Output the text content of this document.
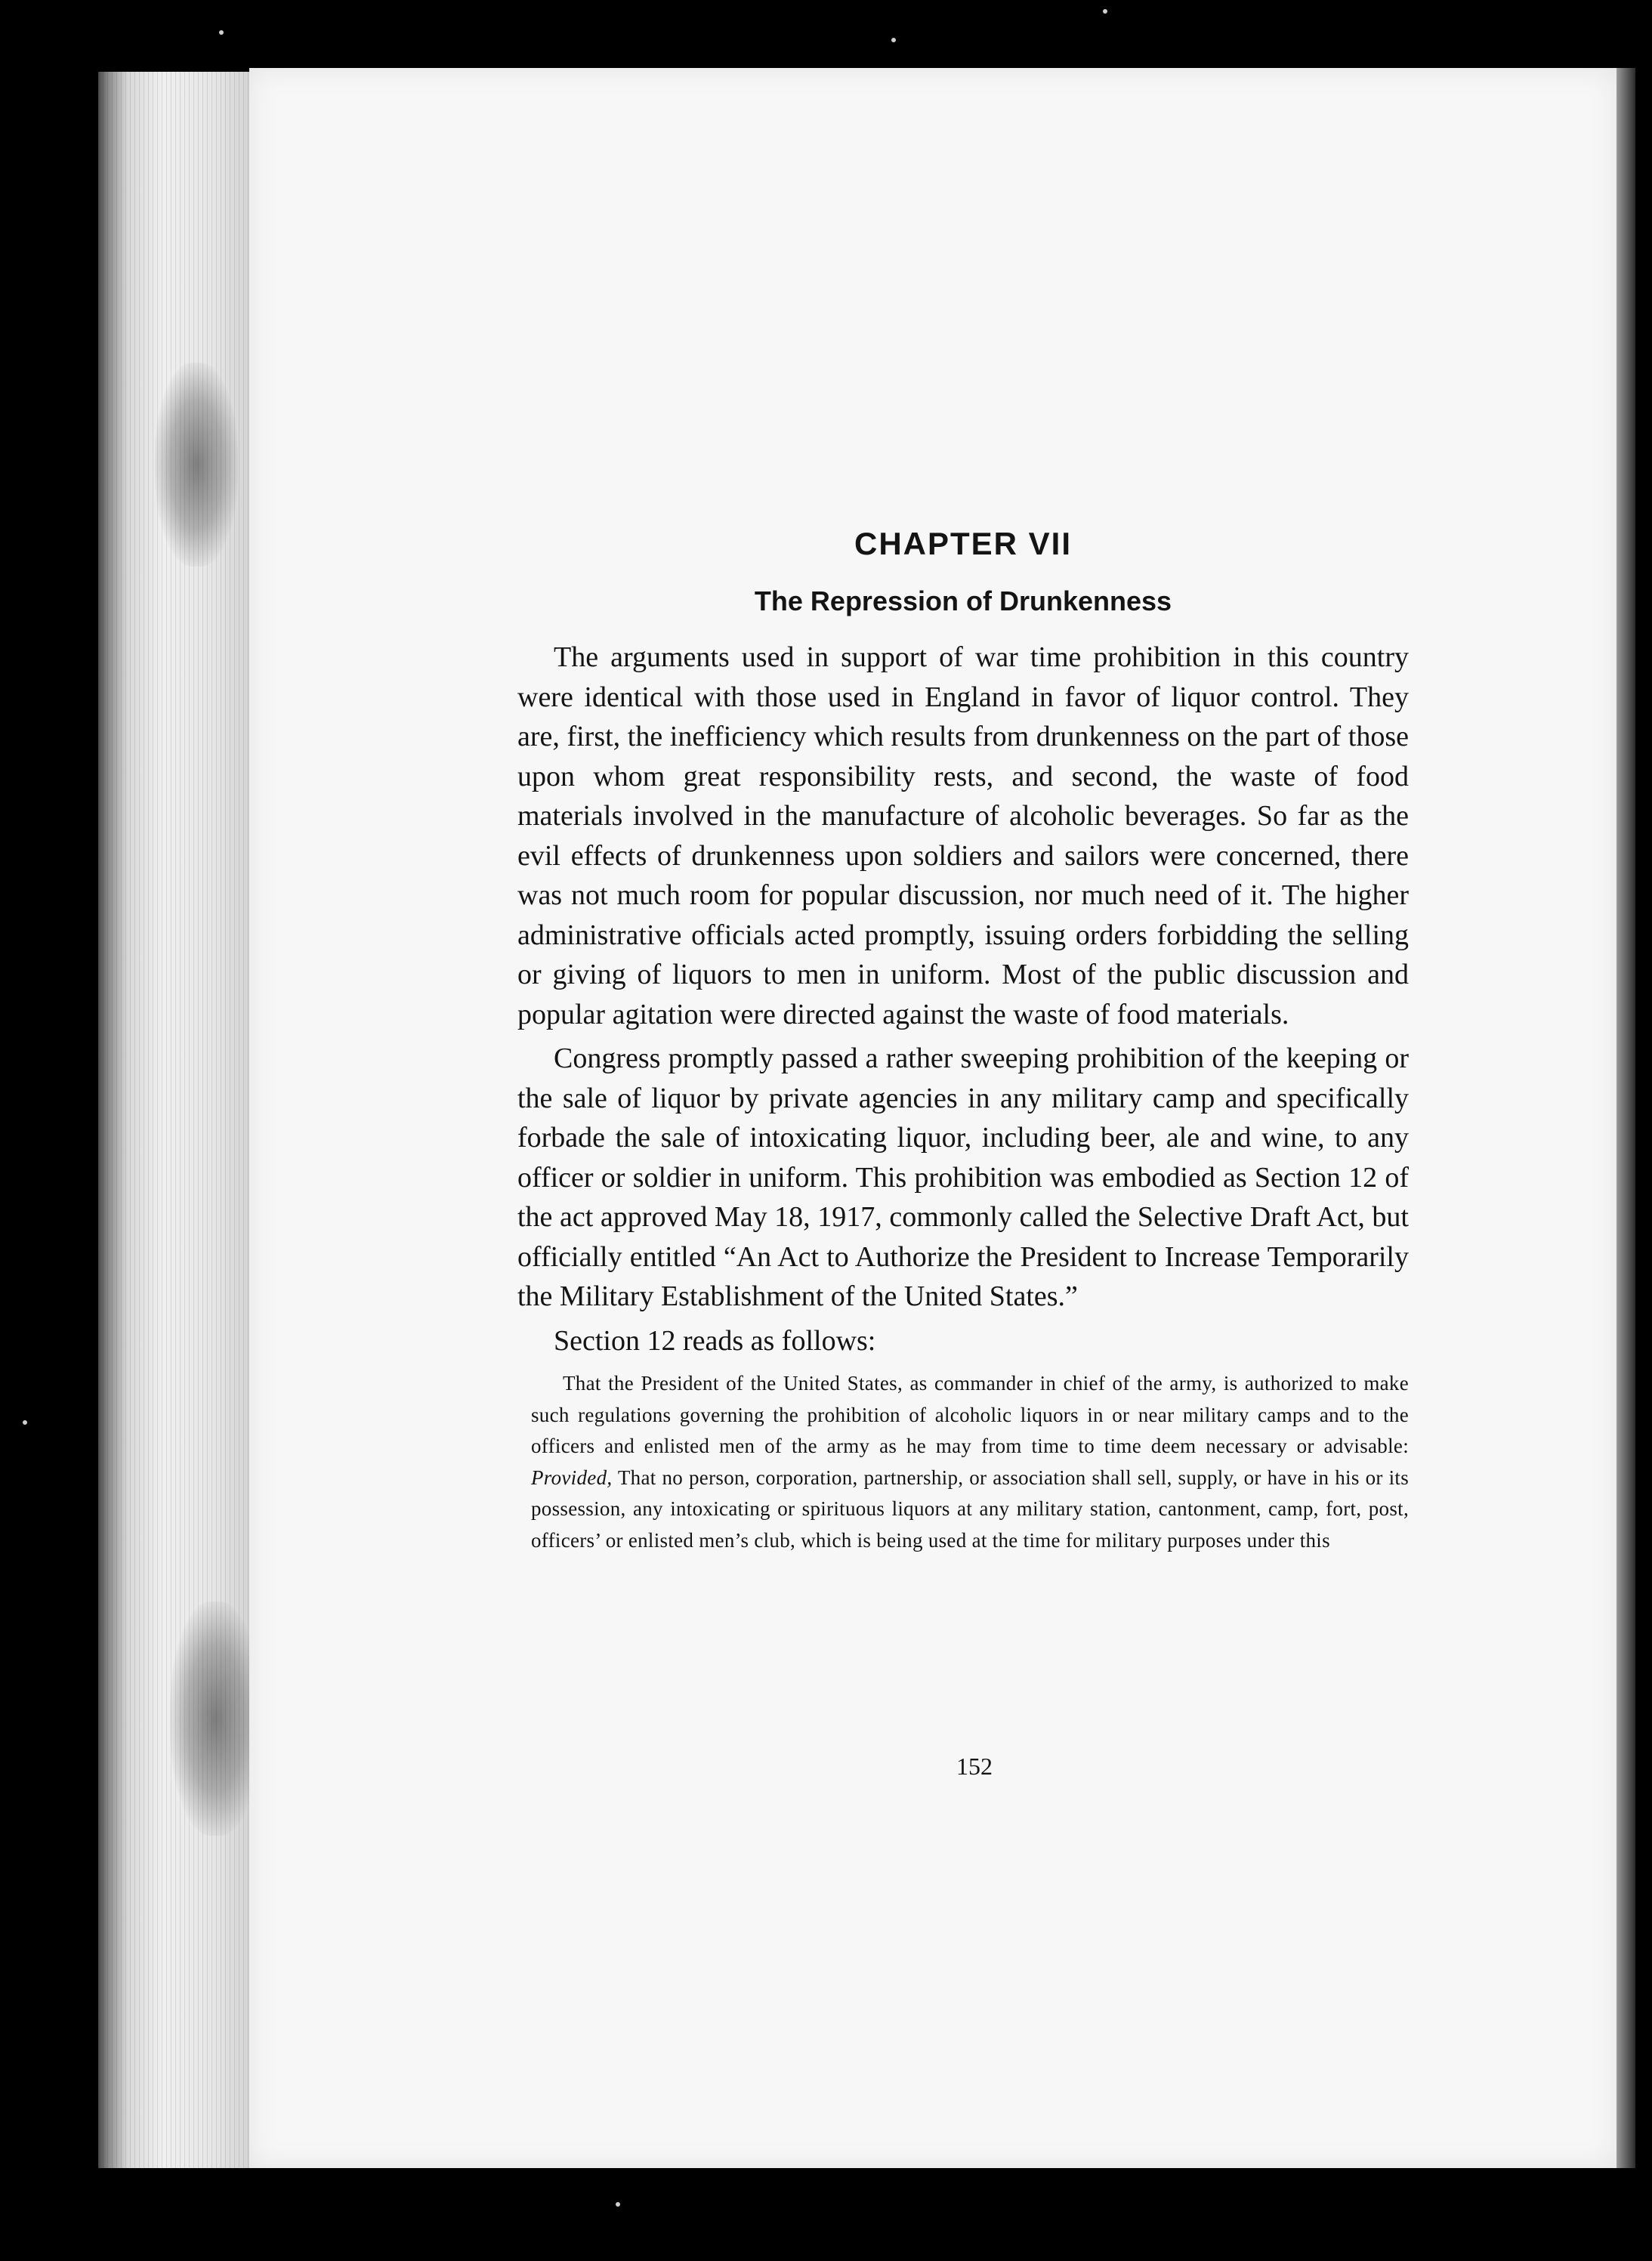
CHAPTER VII
The Repression of Drunkenness

The arguments used in support of war time prohibition in this country were identical with those used in England in favor of liquor control. They are, first, the inefficiency which results from drunkenness on the part of those upon whom great responsibility rests, and second, the waste of food materials involved in the manufacture of alcoholic beverages. So far as the evil effects of drunkenness upon soldiers and sailors were concerned, there was not much room for popular discussion, nor much need of it. The higher administrative officials acted promptly, issuing orders forbidding the selling or giving of liquors to men in uniform. Most of the public discussion and popular agitation were directed against the waste of food materials.

Congress promptly passed a rather sweeping prohibition of the keeping or the sale of liquor by private agencies in any military camp and specifically forbade the sale of intoxicating liquor, including beer, ale and wine, to any officer or soldier in uniform. This prohibition was embodied as Section 12 of the act approved May 18, 1917, commonly called the Selective Draft Act, but officially entitled “An Act to Authorize the President to Increase Temporarily the Military Establishment of the United States.”

Section 12 reads as follows:

That the President of the United States, as commander in chief of the army, is authorized to make such regulations governing the prohibition of alcoholic liquors in or near military camps and to the officers and enlisted men of the army as he may from time to time deem necessary or advisable: Provided, That no person, corporation, partnership, or association shall sell, supply, or have in his or its possession, any intoxicating or spirituous liquors at any military station, cantonment, camp, fort, post, officers’ or enlisted men’s club, which is being used at the time for military purposes under this

152
